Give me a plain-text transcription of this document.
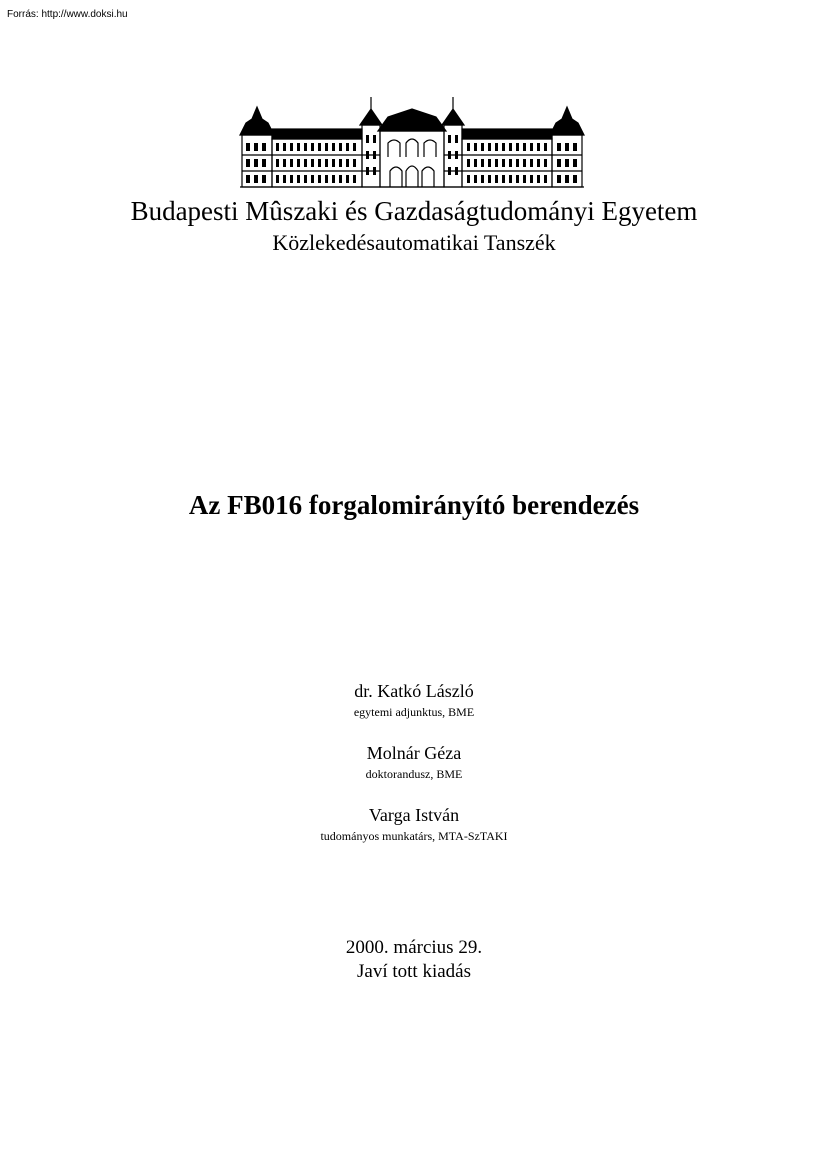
Forrás: http://www.doksi.hu
Budapesti Mûszaki és Gazdaságtudományi Egyetem
Közlekedésautomatikai Tanszék
Az FB016 forgalomirányító berendezés
dr. Katkó László
egytemi adjunktus, BME
Molnár Géza
doktorandusz, BME
Varga István
tudományos munkatárs, MTA-SzTAKI
2000. március 29.
Javí tott kiadás
